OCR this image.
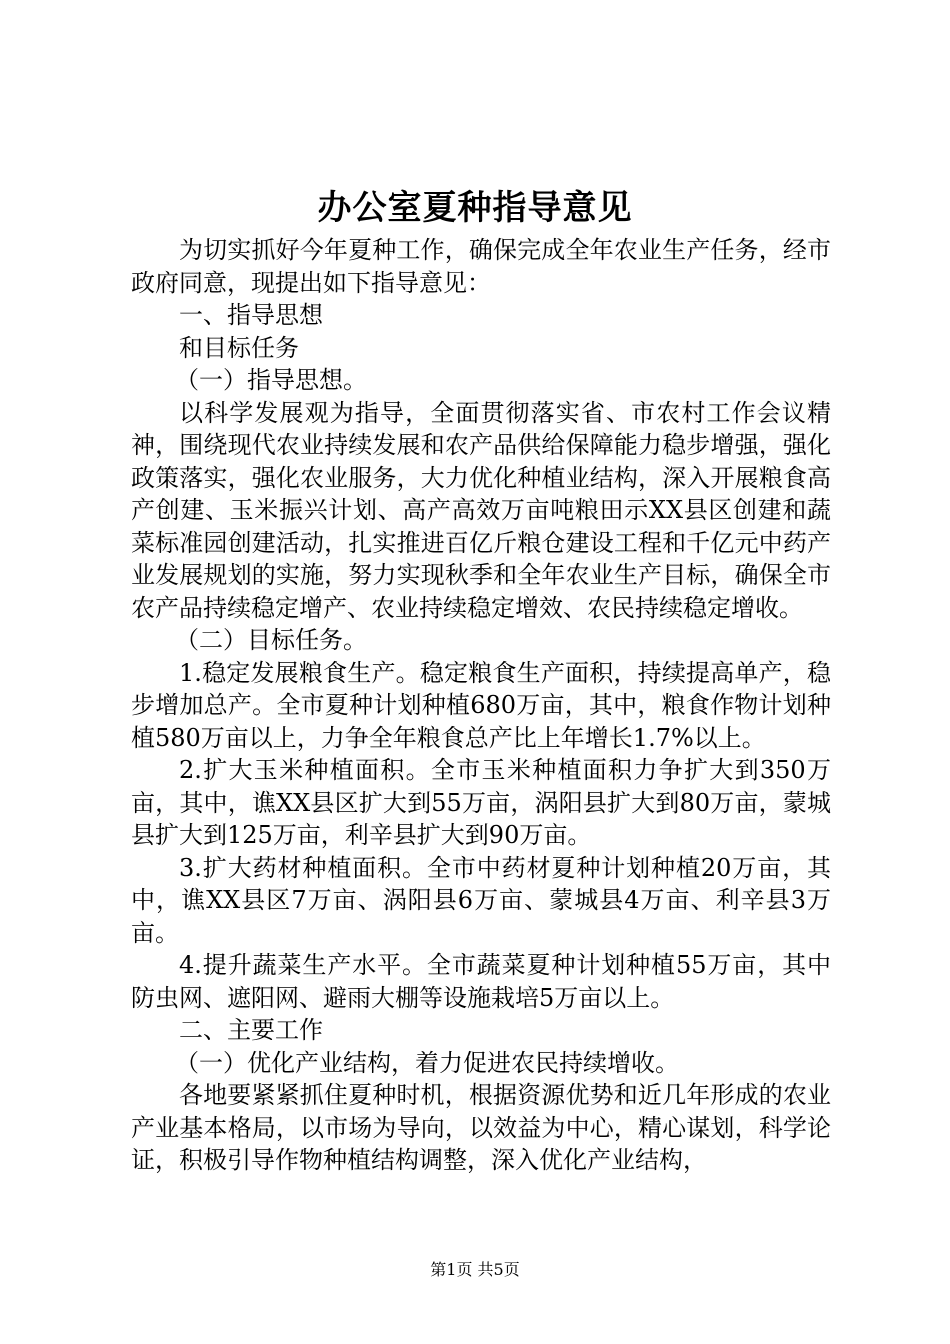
办公室夏种指导意见

为切实抓好今年夏种工作，确保完成全年农业生产任务，经市政府同意，现提出如下指导意见：

一、指导思想

和目标任务

（一）指导思想。

以科学发展观为指导，全面贯彻落实省、市农村工作会议精神，围绕现代农业持续发展和农产品供给保障能力稳步增强，强化政策落实，强化农业服务，大力优化种植业结构，深入开展粮食高产创建、玉米振兴计划、高产高效万亩吨粮田示XX县区创建和蔬菜标准园创建活动，扎实推进百亿斤粮仓建设工程和千亿元中药产业发展规划的实施，努力实现秋季和全年农业生产目标，确保全市农产品持续稳定增产、农业持续稳定增效、农民持续稳定增收。

（二）目标任务。

1.稳定发展粮食生产。稳定粮食生产面积，持续提高单产，稳步增加总产。全市夏种计划种植680万亩，其中，粮食作物计划种植580万亩以上，力争全年粮食总产比上年增长1.7%以上。

2.扩大玉米种植面积。全市玉米种植面积力争扩大到350万亩，其中，谯XX县区扩大到55万亩，涡阳县扩大到80万亩，蒙城县扩大到125万亩，利辛县扩大到90万亩。

3.扩大药材种植面积。全市中药材夏种计划种植20万亩，其中，谯XX县区7万亩、涡阳县6万亩、蒙城县4万亩、利辛县3万亩。

4.提升蔬菜生产水平。全市蔬菜夏种计划种植55万亩，其中防虫网、遮阳网、避雨大棚等设施栽培5万亩以上。

二、主要工作

（一）优化产业结构，着力促进农民持续增收。

各地要紧紧抓住夏种时机，根据资源优势和近几年形成的农业产业基本格局，以市场为导向，以效益为中心，精心谋划，科学论证，积极引导作物种植结构调整，深入优化产业结构，

第1页 共5页
